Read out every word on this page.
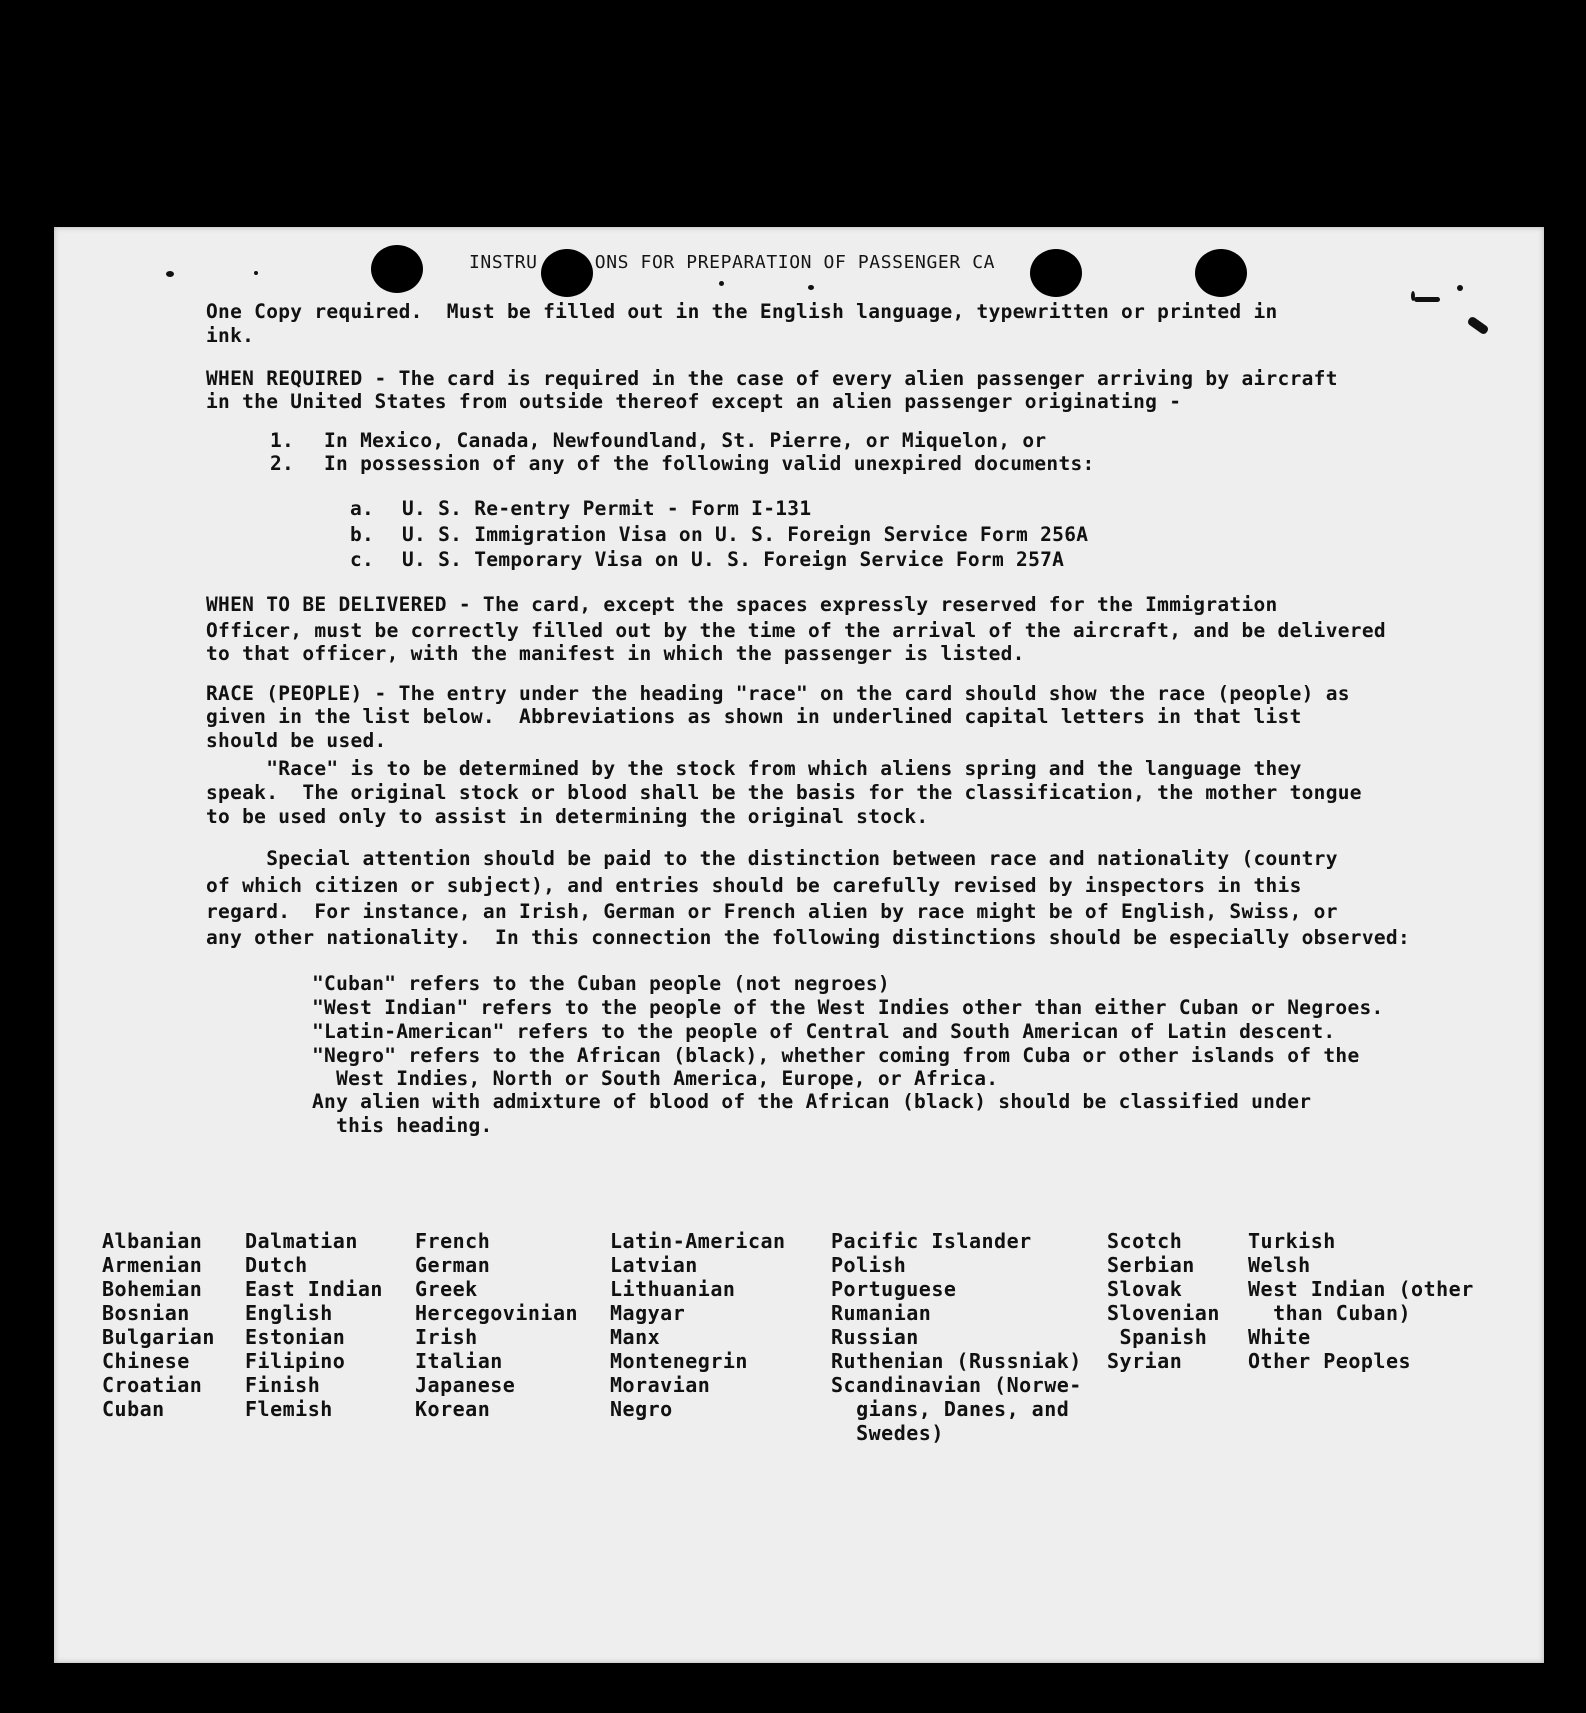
INSTRU     ONS FOR PREPARATION OF PASSENGER CA
One Copy required.  Must be filled out in the English language, typewritten or printed in
ink.
WHEN REQUIRED - The card is required in the case of every alien passenger arriving by aircraft
in the United States from outside thereof except an alien passenger originating -
1. In Mexico, Canada, Newfoundland, St. Pierre, or Miquelon, or
2. In possession of any of the following valid unexpired documents:
a. U. S. Re-entry Permit - Form I-131
b. U. S. Immigration Visa on U. S. Foreign Service Form 256A
c. U. S. Temporary Visa on U. S. Foreign Service Form 257A
WHEN TO BE DELIVERED - The card, except the spaces expressly reserved for the Immigration
Officer, must be correctly filled out by the time of the arrival of the aircraft, and be delivered
to that officer, with the manifest in which the passenger is listed.
RACE (PEOPLE) - The entry under the heading "race" on the card should show the race (people) as
given in the list below.  Abbreviations as shown in underlined capital letters in that list
should be used.
"Race" is to be determined by the stock from which aliens spring and the language they
speak.  The original stock or blood shall be the basis for the classification, the mother tongue
to be used only to assist in determining the original stock.
Special attention should be paid to the distinction between race and nationality (country
of which citizen or subject), and entries should be carefully revised by inspectors in this
regard.  For instance, an Irish, German or French alien by race might be of English, Swiss, or
any other nationality.  In this connection the following distinctions should be especially observed:
"Cuban" refers to the Cuban people (not negroes)
"West Indian" refers to the people of the West Indies other than either Cuban or Negroes.
"Latin-American" refers to the people of Central and South American of Latin descent.
"Negro" refers to the African (black), whether coming from Cuba or other islands of the
West Indies, North or South America, Europe, or Africa.
Any alien with admixture of blood of the African (black) should be classified under
this heading.
Albanian
Armenian
Bohemian
Bosnian
Bulgarian
Chinese
Croatian
Cuban
Dalmatian
Dutch
East Indian
English
Estonian
Filipino
Finish
Flemish
French
German
Greek
Hercegovinian
Irish
Italian
Japanese
Korean
Latin-American
Latvian
Lithuanian
Magyar
Manx
Montenegrin
Moravian
Negro
Pacific Islander
Polish
Portuguese
Rumanian
Russian
Ruthenian (Russniak)
Scandinavian (Norwe-
gians, Danes, and
Swedes)
Scotch
Serbian
Slovak
Slovenian
Spanish
Syrian
Turkish
Welsh
West Indian (other
than Cuban)
White
Other Peoples
